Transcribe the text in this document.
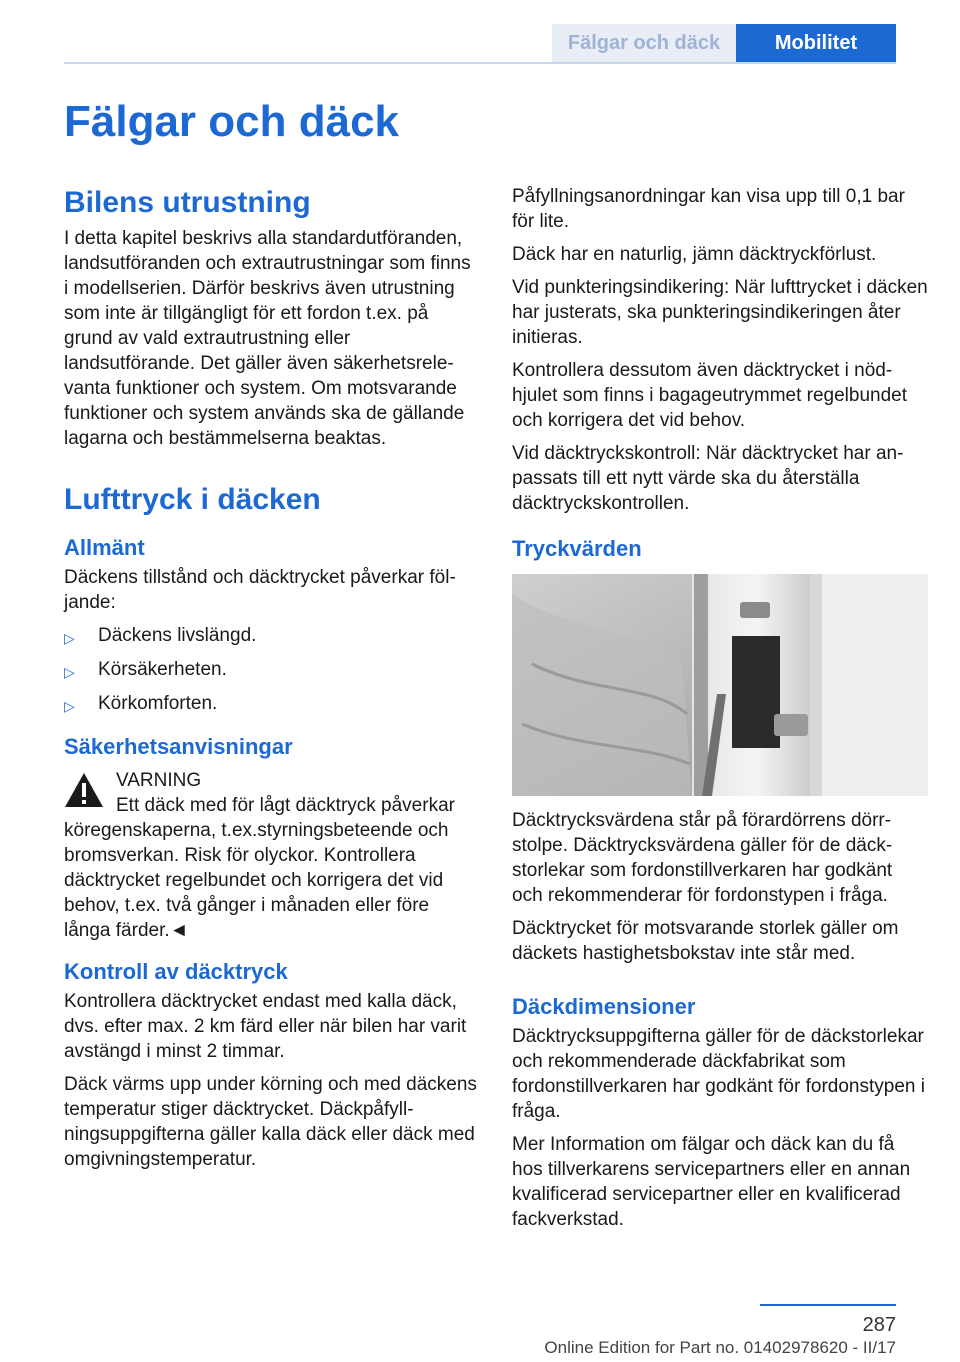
Fälgar och däck	Mobilitet
Fälgar och däck
Bilens utrustning

I detta kapitel beskrivs alla standardutföranden, landsutföranden och extrautrustningar som finns i modellserien. Därför beskrivs även utrustning som inte är tillgängligt för ett fordon t.ex. på grund av vald extrautrustning eller landsutförande. Det gäller även säkerhetsrelevanta funktioner och system. Om motsvarande funktioner och system används ska de gällande lagarna och bestämmelserna beaktas.

Lufttryck i däcken
Allmänt

Däckens tillstånd och däcktrycket påverkar följande:

▷ Däckens livslängd.
▷ Körsäkerheten.
▷ Körkomforten.
Säkerhetsanvisningar
VARNING
Ett däck med för lågt däcktryck påverkar
köregenskaperna, t.ex.styrningsbeteende och bromsverkan. Risk för olyckor. Kontrollera däcktrycket regelbundet och korrigera det vid behov, t.ex. två gånger i månaden eller före långa färder.◄
Kontroll av däcktryck

Kontrollera däcktrycket endast med kalla däck, dvs. efter max. 2 km färd eller när bilen har varit avstängd i minst 2 timmar.

Däck värms upp under körning och med däckens temperatur stiger däcktrycket. Däckpåfyllningsuppgifterna gäller kalla däck eller däck med omgivningstemperatur.

Påfyllningsanordningar kan visa upp till 0,1 bar för lite.

Däck har en naturlig, jämn däcktryckförlust.

Vid punkteringsindikering: När lufttrycket i däcken har justerats, ska punkteringsindikeringen åter initieras.

Kontrollera dessutom även däcktrycket i nödhjulet som finns i bagageutrymmet regelbundet och korrigera det vid behov.

Vid däcktryckskontroll: När däcktrycket har anpassats till ett nytt värde ska du återställa däcktryckskontrollen.

Tryckvärden

Däcktrycksvärdena står på förardörrens dörrstolpe. Däcktrycksvärdena gäller för de däckstorlekar som fordonstillverkaren har godkänt och rekommenderar för fordonstypen i fråga.

Däcktrycket för motsvarande storlek gäller om däckets hastighetsbokstav inte står med.

Däckdimensioner

Däcktrycksuppgifterna gäller för de däckstorlekar och rekommenderade däckfabrikat som fordonstillverkaren har godkänt för fordonstypen i fråga.

Mer Information om fälgar och däck kan du få hos tillverkarens servicepartners eller en annan kvalificerad servicepartner eller en kvalificerad fackverkstad.

287
Online Edition for Part no. 01402978620 - II/17
